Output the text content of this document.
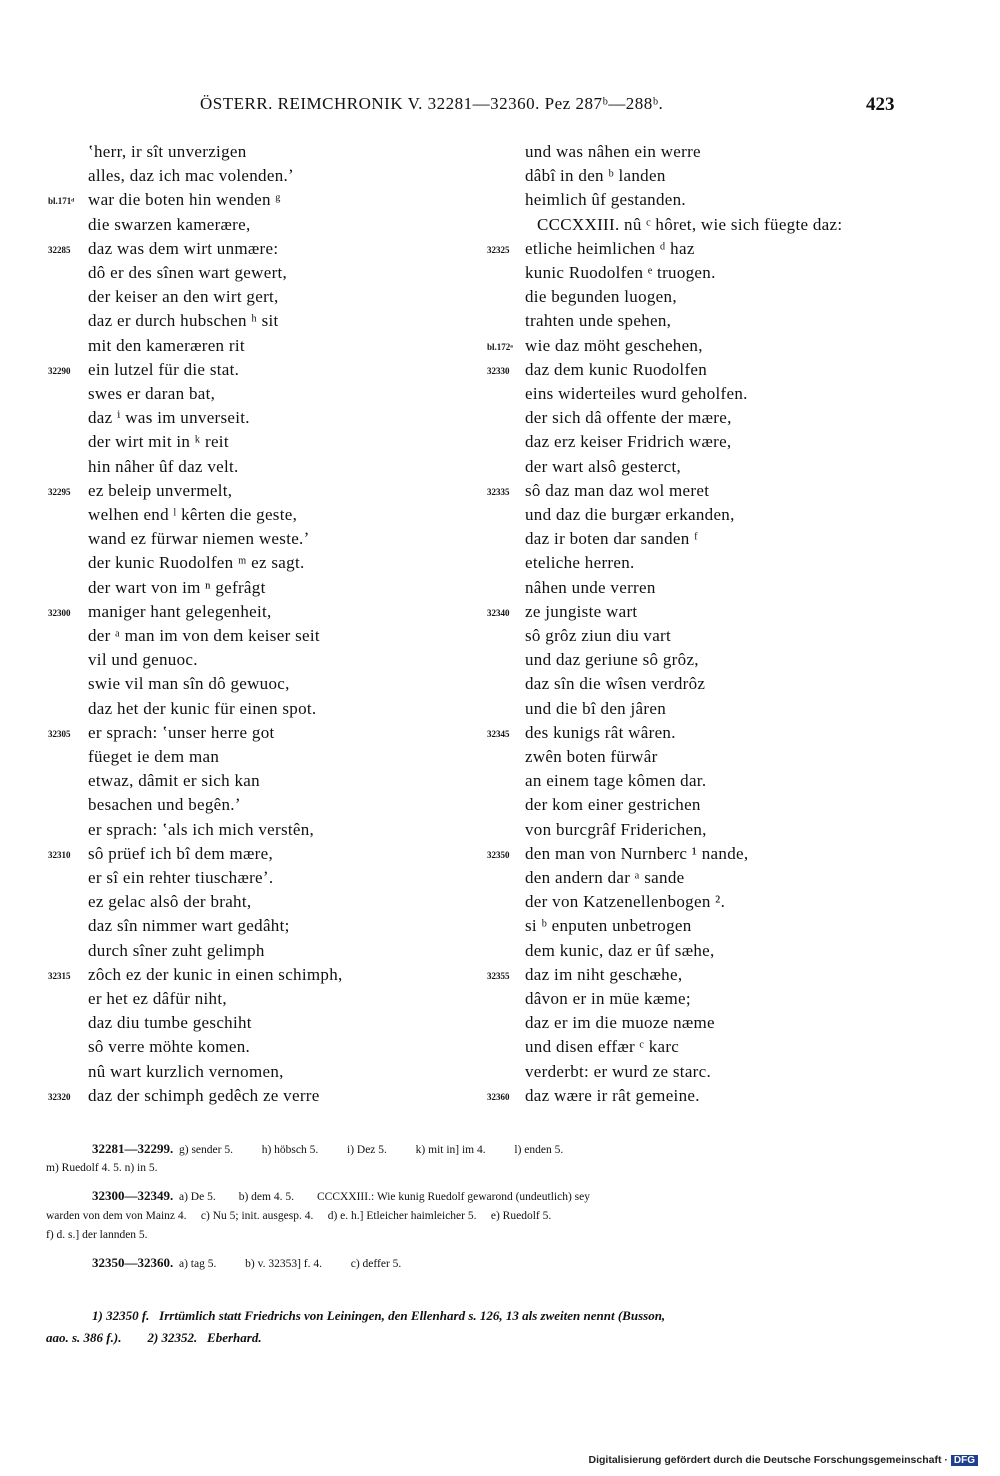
ÖSTERR. REIMCHRONIK V. 32281—32360. Pez 287ᵇ—288ᵇ.	423
ʽherr, ir sît unverzigen
alles, daz ich mac volenden.ʼ
bl.171ᵈ war die boten hin wenden ᵍ
die swarzen kamerære,
32285 daz was dem wirt unmære:
dô er des sînen wart gewert,
der keiser an den wirt gert,
daz er durch hubschen ʰ sit
mit den kameræren rit
32290 ein lutzel für die stat.
swes er daran bat,
daz ⁱ was im unverseit.
der wirt mit in ᵏ reit
hin nâher ûf daz velt.
32295 ez beleip unvermelt,
welhen end ˡ kêrten die geste,
wand ez fürwar niemen weste.ʼ
der kunic Ruodolfen ᵐ ez sagt.
der wart von im ⁿ gefrâgt
32300 maniger hant gelegenheit,
der ᵃ man im von dem keiser seit
vil und genuoc.
swie vil man sîn dô gewuoc,
daz het der kunic für einen spot.
32305 er sprach: ʽunser herre got
füeget ie dem man
etwaz, dâmit er sich kan
besachen und begên.ʼ
er sprach: ʽals ich mich verstên,
32310 sô prüef ich bî dem mære,
er sî ein rehter tiuschæreʼ.
ez gelac alsô der braht,
daz sîn nimmer wart gedâht;
durch sîner zuht gelimph
32315 zôch ez der kunic in einen schimph,
er het ez dâfür niht,
daz diu tumbe geschiht
sô verre möhte komen.
nû wart kurzlich vernomen,
32320 daz der schimph gedêch ze verre
und was nâhen ein werre
dâbî in den ᵇ landen
heimlich ûf gestanden.
CCCXXIII. nû ᶜ hôret, wie sich füegte daz:
32325 etliche heimlichen ᵈ haz
kunic Ruodolfen ᵉ truogen.
die begunden luogen,
trahten unde spehen,
bl.172ᵃ wie daz möht geschehen,
32330 daz dem kunic Ruodolfen
eins widerteiles wurd geholfen.
der sich dâ offente der mære,
daz erz keiser Fridrich wære,
der wart alsô gesterct,
32335 sô daz man daz wol meret
und daz die burgær erkanden,
daz ir boten dar sanden ᶠ
eteliche herren.
nâhen unde verren
32340 ze jungiste wart
sô grôz ziun diu vart
und daz geriune sô grôz,
daz sîn die wîsen verdrôz
und die bî den jâren
32345 des kunigs rât wâren.
zwên boten fürwâr
an einem tage kômen dar.
der kom einer gestrichen
von burcgrâf Friderichen,
32350 den man von Nurnberc ¹ nande,
den andern dar ᵃ sande
der von Katzenellenbogen ².
si ᵇ enputen unbetrogen
dem kunic, daz er ûf sæhe,
32355 daz im niht geschæhe,
dâvon er in müe kæme;
daz er im die muoze næme
und disen effær ᶜ karc
verderbt: er wurd ze starc.
32360 daz wære ir rât gemeine.
32281—32299. g) sender 5.          h) höbsch 5.          i) Dez 5.          k) mit in] im 4.          l) enden 5.
m) Ruedolf 4. 5. n) in 5.
32300—32349. a) De 5.        b) dem 4. 5.        CCCXXIII.: Wie kunig Ruedolf gewarond (undeutlich) sey
warden von dem von Mainz 4.     c) Nu 5; init. ausgesp. 4.     d) e. h.] Etleicher haimleicher 5.     e) Ruedolf 5.
f) d. s.] der lannden 5.
32350—32360. a) tag 5.          b) v. 32353] f. 4.          c) deffer 5.
1) 32350 f.   Irrtümlich statt Friedrichs von Leiningen, den Ellenhard s. 126, 13 als zweiten nennt (Busson,
aao. s. 386 f.).        2) 32352.   Eberhard.
Digitalisierung gefördert durch die Deutsche Forschungsgemeinschaft · DFG
